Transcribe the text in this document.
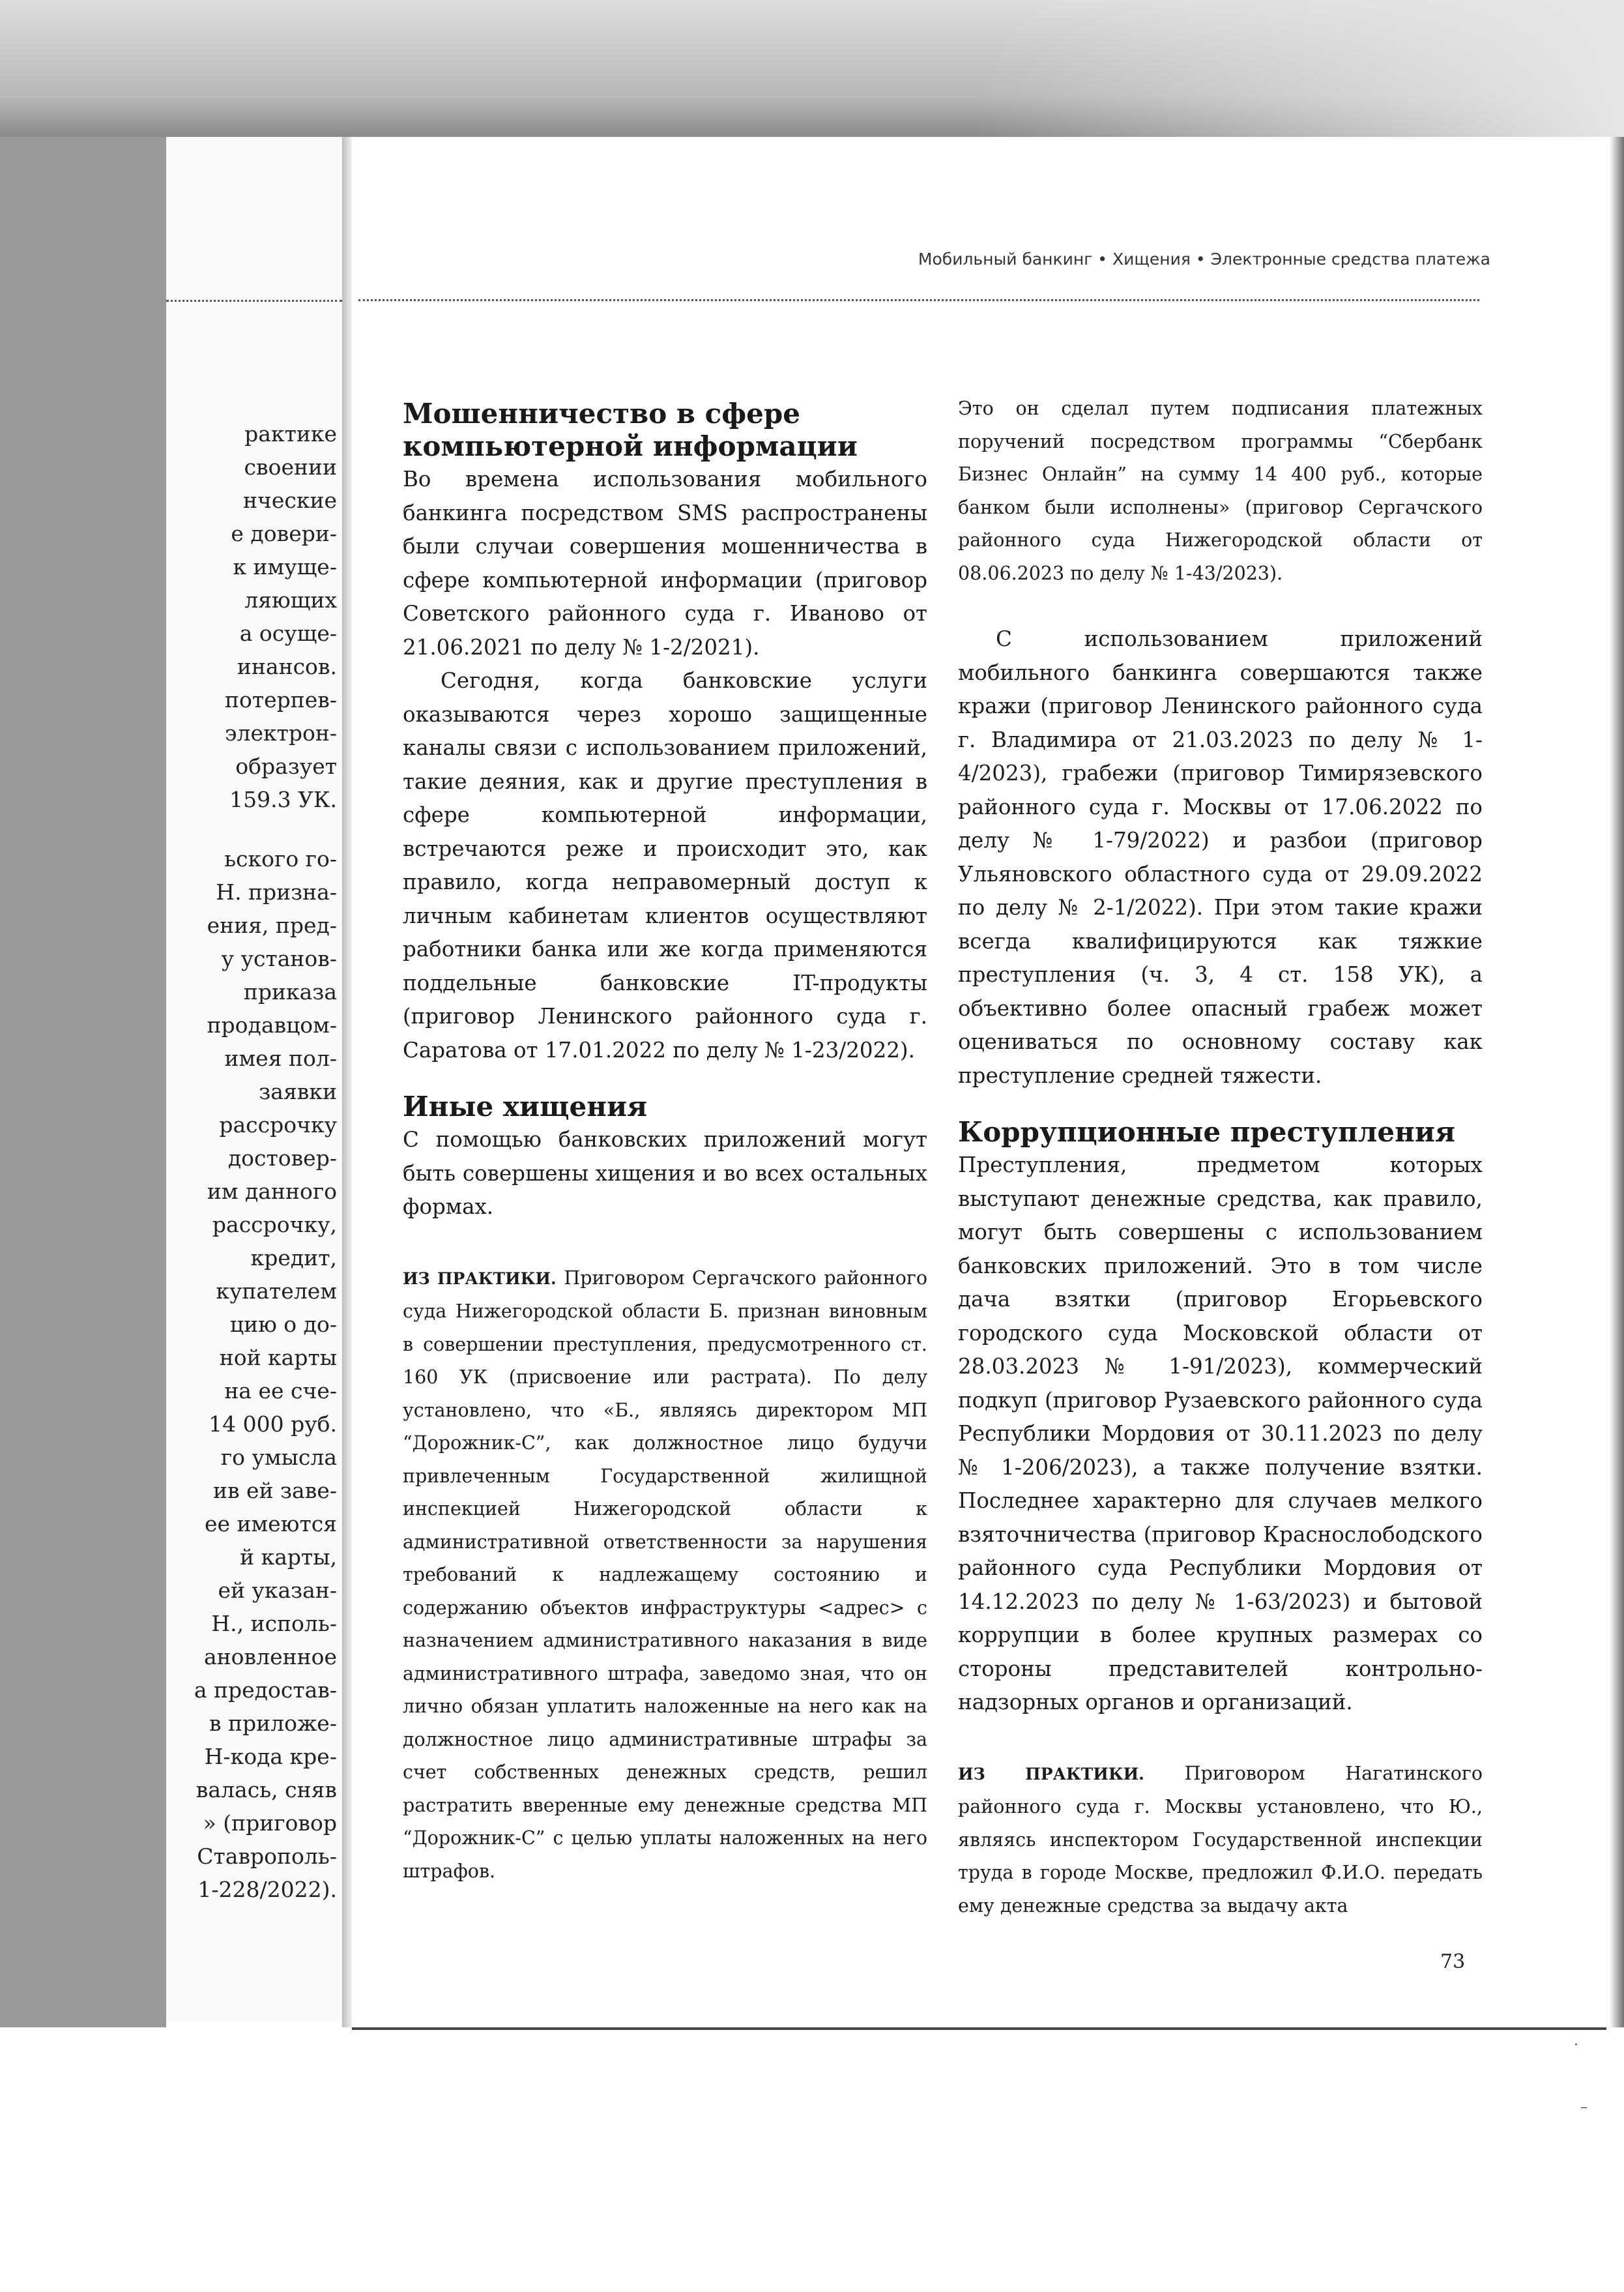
рактике
своении
нческие
е довери-
к имуще-
ляющих
а осуще-
инансов.
потерпев-
электрон-
образует
159.3 УК.
ьского го-
Н. призна-
ения, пред-
у установ-
приказа
продавцом-
имея пол-
заявки
рассрочку
достовер-
им данного
рассрочку,
кредит,
купателем
цию о до-
ной карты
на ее сче-
14 000 руб.
го умысла
ив ей заве-
ее имеются
й карты,
ей указан-
Н., исполь-
ановленное
а предостав-
в приложе-
Н-кода кре-
валась, сняв
» (приговор
Ставрополь-
1-228/2022).
Мобильный банкинг • Хищения • Электронные средства платежа
Мошенничество в сфере компьютерной информации

Во времена использования мобильного банкинга посредством SMS распространены были случаи совершения мошенничества в сфере компьютерной информации (приговор Советского районного суда г. Иваново от 21.06.2021 по делу № 1-2/2021).

Сегодня, когда банковские услуги оказываются через хорошо защищенные каналы связи с использованием приложений, такие деяния, как и другие преступления в сфере компьютерной информации, встречаются реже и происходит это, как правило, когда неправомерный доступ к личным кабинетам клиентов осуществляют работники банка или же когда применяются поддельные банковские IT-продукты (приговор Ленинского районного суда г. Саратова от 17.01.2022 по делу № 1-23/2022).

Иные хищения

С помощью банковских приложений могут быть совершены хищения и во всех остальных формах.

ИЗ ПРАКТИКИ. Приговором Сергачского районного суда Нижегородской области Б. признан виновным в совершении преступления, предусмотренного ст. 160 УК (присвоение или растрата). По делу установлено, что «Б., являясь директором МП “Дорожник-С”, как должностное лицо будучи привлеченным Государственной жилищной инспекцией Нижегородской области к административной ответственности за нарушения требований к надлежащему состоянию и содержанию объектов инфраструктуры <адрес> с назначением административного наказания в виде административного штрафа, заведомо зная, что он лично обязан уплатить наложенные на него как на должностное лицо административные штрафы за счет собственных денежных средств, решил растратить вверенные ему денежные средства МП “Дорожник-С” с целью уплаты наложенных на него штрафов.

Это он сделал путем подписания платежных поручений посредством программы “Сбербанк Бизнес Онлайн” на сумму 14 400 руб., которые банком были исполнены» (приговор Сергачского районного суда Нижегородской области от 08.06.2023 по делу № 1-43/2023).

С использованием приложений мобильного банкинга совершаются также кражи (приговор Ленинского районного суда г. Владимира от 21.03.2023 по делу № 1-4/2023), грабежи (приговор Тимирязевского районного суда г. Москвы от 17.06.2022 по делу № 1-79/2022) и разбои (приговор Ульяновского областного суда от 29.09.2022 по делу № 2-1/2022). При этом такие кражи всегда квалифицируются как тяжкие преступления (ч. 3, 4 ст. 158 УК), а объективно более опасный грабеж может оцениваться по основному составу как преступление средней тяжести.

Коррупционные преступления

Преступления, предметом которых выступают денежные средства, как правило, могут быть совершены с использованием банковских приложений. Это в том числе дача взятки (приговор Егорьевского городского суда Московской области от 28.03.2023 № 1-91/2023), коммерческий подкуп (приговор Рузаевского районного суда Республики Мордовия от 30.11.2023 по делу № 1-206/2023), а также получение взятки. Последнее характерно для случаев мелкого взяточничества (приговор Краснослободского районного суда Республики Мордовия от 14.12.2023 по делу № 1-63/2023) и бытовой коррупции в более крупных размерах со стороны представителей контрольно-надзорных органов и организаций.

ИЗ ПРАКТИКИ. Приговором Нагатинского районного суда г. Москвы установлено, что Ю., являясь инспектором Государственной инспекции труда в городе Москве, предложил Ф.И.О. передать ему денежные средства за выдачу акта

73
·
–
